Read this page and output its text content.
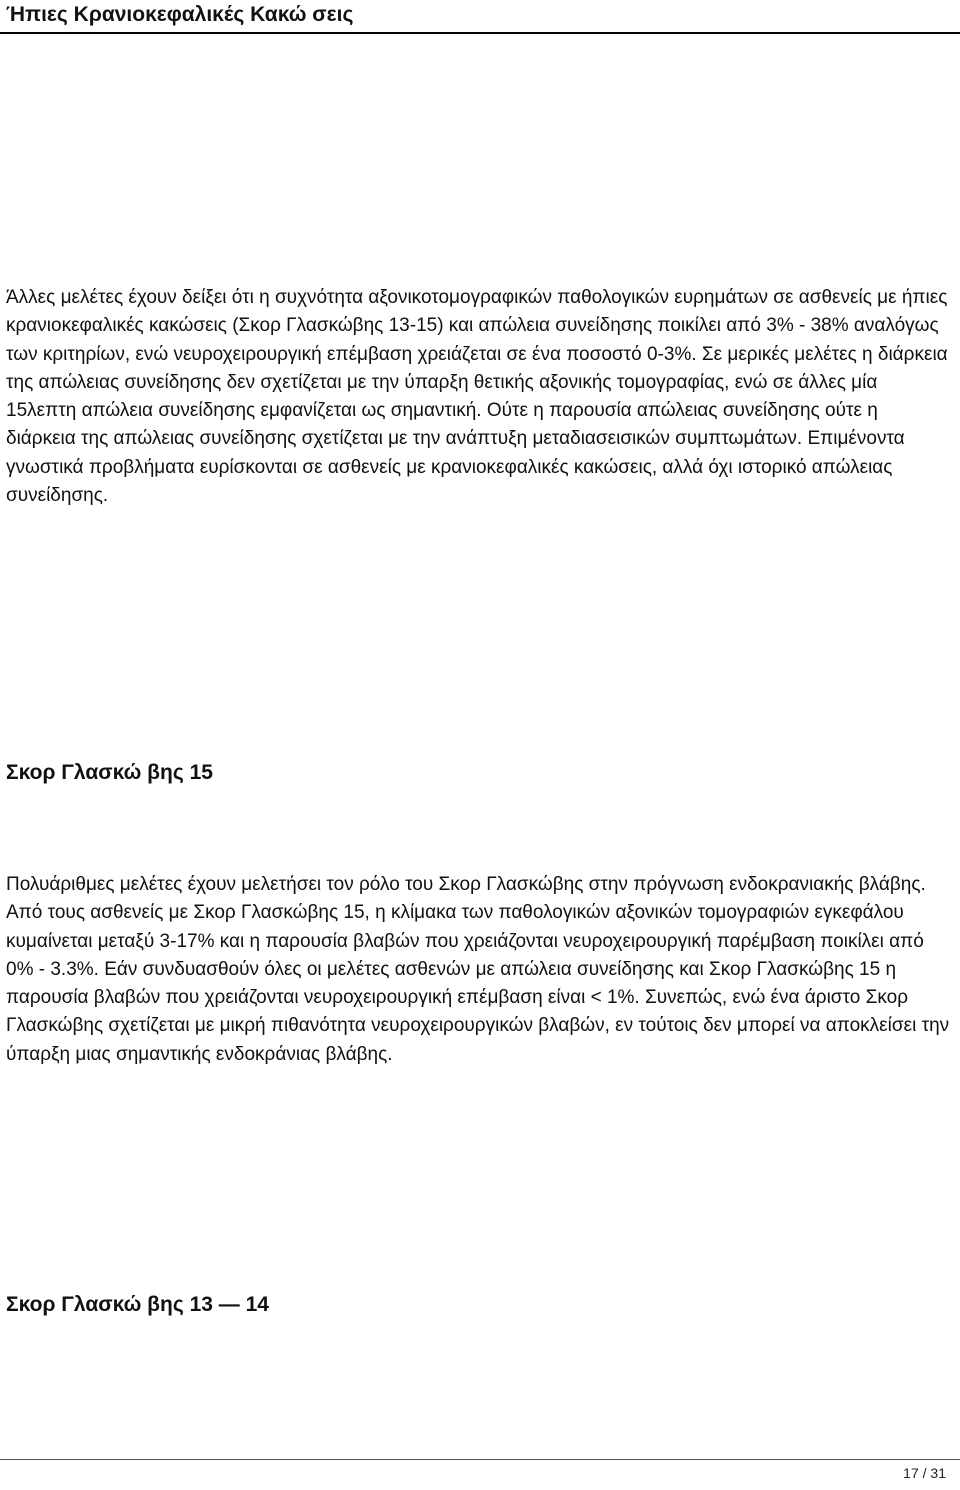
Ήπιες Κρανιοκεφαλικές Κακώ σεις

Άλλες μελέτες έχουν δείξει ότι η συχνότητα αξονικοτομογραφικών παθολογικών ευρημάτων σε ασθενείς με ήπιες κρανιοκεφαλικές κακώσεις (Σκορ Γλασκώβης 13-15) και απώλεια συνείδησης ποικίλει από 3% - 38% αναλόγως των κριτηρίων, ενώ νευροχειρουργική επέμβαση χρειάζεται σε ένα ποσοστό 0-3%. Σε μερικές μελέτες η διάρκεια της απώλειας συνείδησης δεν σχετίζεται με την ύπαρξη θετικής αξονικής τομογραφίας, ενώ σε άλλες μία 15λεπτη απώλεια συνείδησης εμφανίζεται ως σημαντική. Ούτε η παρουσία απώλειας συνείδησης ούτε η διάρκεια της απώλειας συνείδησης σχετίζεται με την ανάπτυξη μεταδιασεισικών συμπτωμάτων. Επιμένοντα γνωστικά προβλήματα ευρίσκονται σε ασθενείς με κρανιοκεφαλικές κακώσεις, αλλά όχι ιστορικό απώλειας συνείδησης.

Σκορ Γλασκώ βης 15

Πολυάριθμες μελέτες έχουν μελετήσει τον ρόλο του Σκορ Γλασκώβης στην πρόγνωση ενδοκρανιακής βλάβης. Από τους ασθενείς με Σκορ Γλασκώβης 15, η κλίμακα των παθολογικών αξονικών τομογραφιών εγκεφάλου κυμαίνεται μεταξύ 3-17% και η παρουσία βλαβών που χρειάζονται νευροχειρουργική παρέμβαση ποικίλει από 0% - 3.3%. Εάν συνδυασθούν όλες οι μελέτες ασθενών με απώλεια συνείδησης και Σκορ Γλασκώβης 15 η παρουσία βλαβών που χρειάζονται νευροχειρουργική επέμβαση είναι < 1%. Συνεπώς, ενώ ένα άριστο Σκορ Γλασκώβης σχετίζεται με μικρή πιθανότητα νευροχειρουργικών βλαβών, εν τούτοις δεν μπορεί να αποκλείσει την ύπαρξη μιας σημαντικής ενδοκράνιας βλάβης.

Σκορ Γλασκώ βης 13 — 14
17 / 31
